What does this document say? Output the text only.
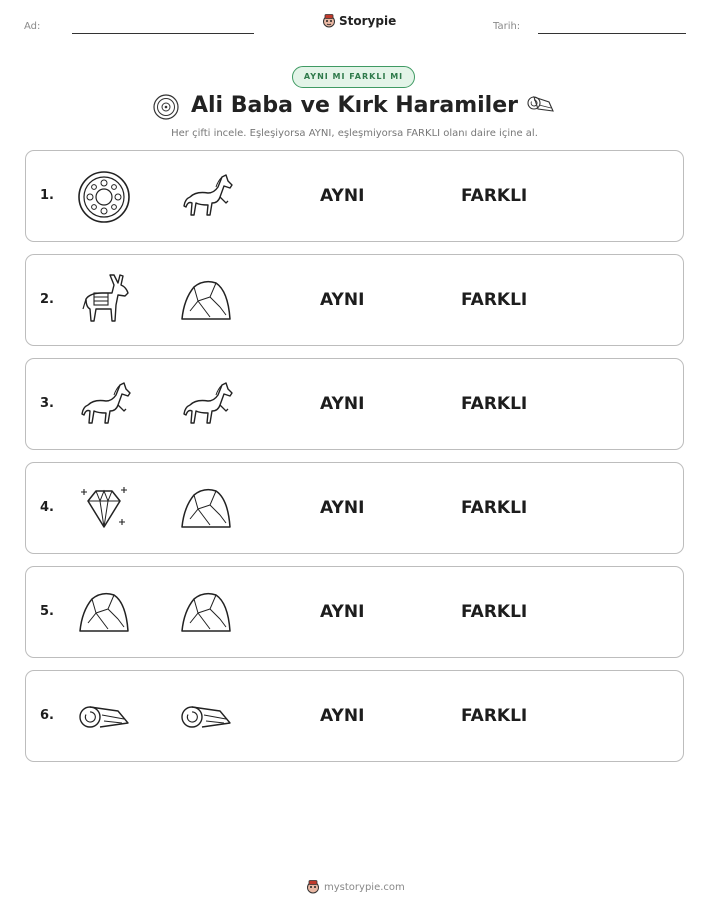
Ad:	Storypie	Tarih:
AYNI MI FARKLI MI
Ali Baba ve Kırk Haramiler
Her çifti incele. Eşleşiyorsa AYNI, eşleşmiyorsa FARKLI olanı daire içine al.
1.	AYNI	FARKLI
2.	AYNI	FARKLI
3.	AYNI	FARKLI
4.	AYNI	FARKLI
5.	AYNI	FARKLI
6.	AYNI	FARKLI
mystorypie.com
